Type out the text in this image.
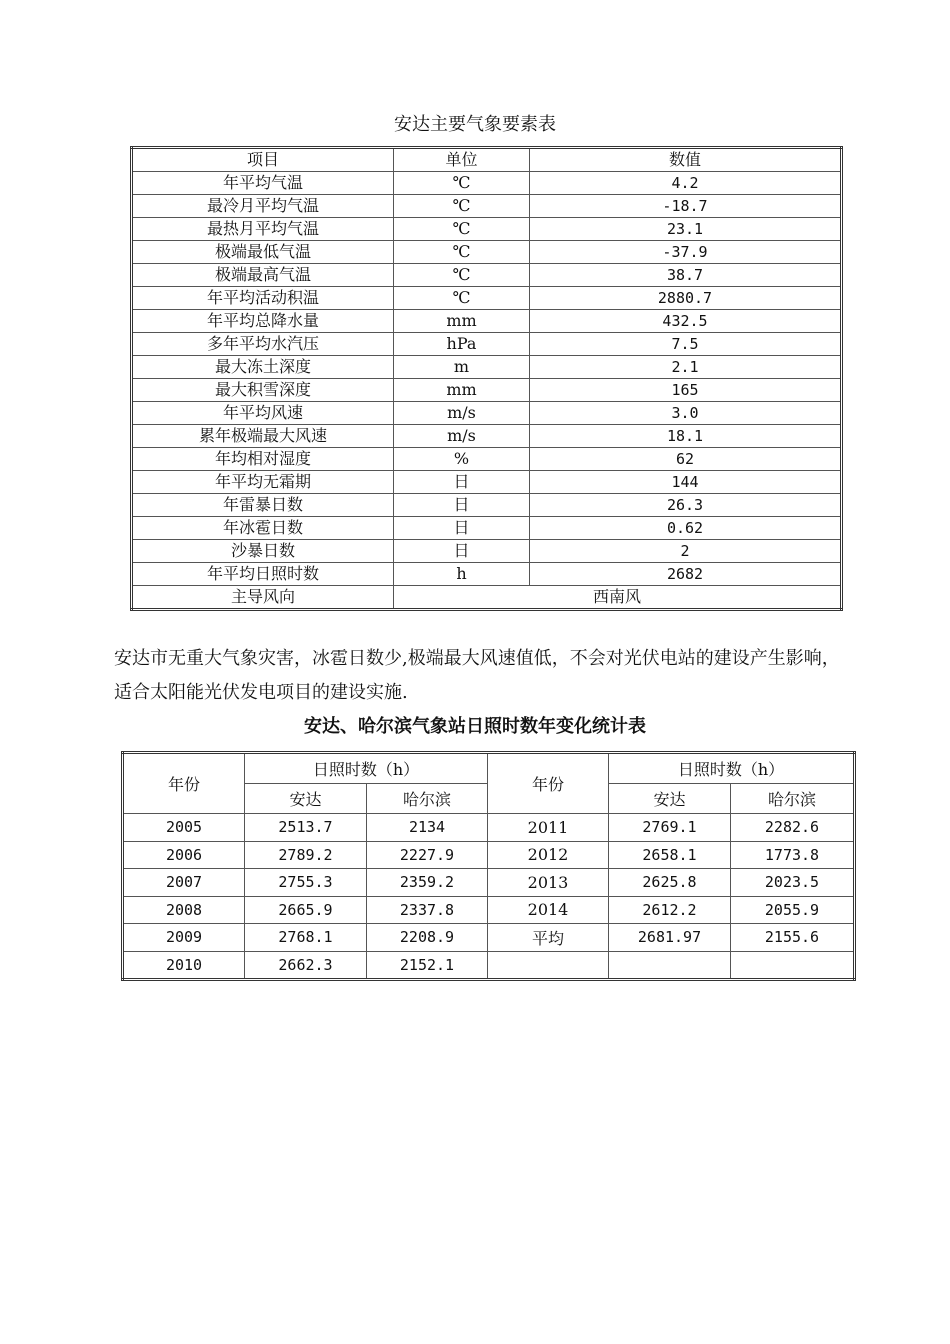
安达主要气象要素表
项目	单位	数值
年平均气温	℃	4.2
最冷月平均气温	℃	-18.7
最热月平均气温	℃	23.1
极端最低气温	℃	-37.9
极端最高气温	℃	38.7
年平均活动积温	℃	2880.7
年平均总降水量	mm	432.5
多年平均水汽压	hPa	7.5
最大冻土深度	m	2.1
最大积雪深度	mm	165
年平均风速	m/s	3.0
累年极端最大风速	m/s	18.1
年均相对湿度	%	62
年平均无霜期	日	144
年雷暴日数	日	26.3
年冰雹日数	日	0.62
沙暴日数	日	2
年平均日照时数	h	2682
主导风向	西南风	
安达市无重大气象灾害，冰雹日数少,极端最大风速值低，不会对光伏电站的建设产生影响，适合太阳能光伏发电项目的建设实施.
安达、哈尔滨气象站日照时数年变化统计表
年份	日照时数（h）		年份	日照时数（h）	
	安达	哈尔滨		安达	哈尔滨
2005	2513.7	2134	2011	2769.1	2282.6
2006	2789.2	2227.9	2012	2658.1	1773.8
2007	2755.3	2359.2	2013	2625.8	2023.5
2008	2665.9	2337.8	2014	2612.2	2055.9
2009	2768.1	2208.9	平均	2681.97	2155.6
2010	2662.3	2152.1			
